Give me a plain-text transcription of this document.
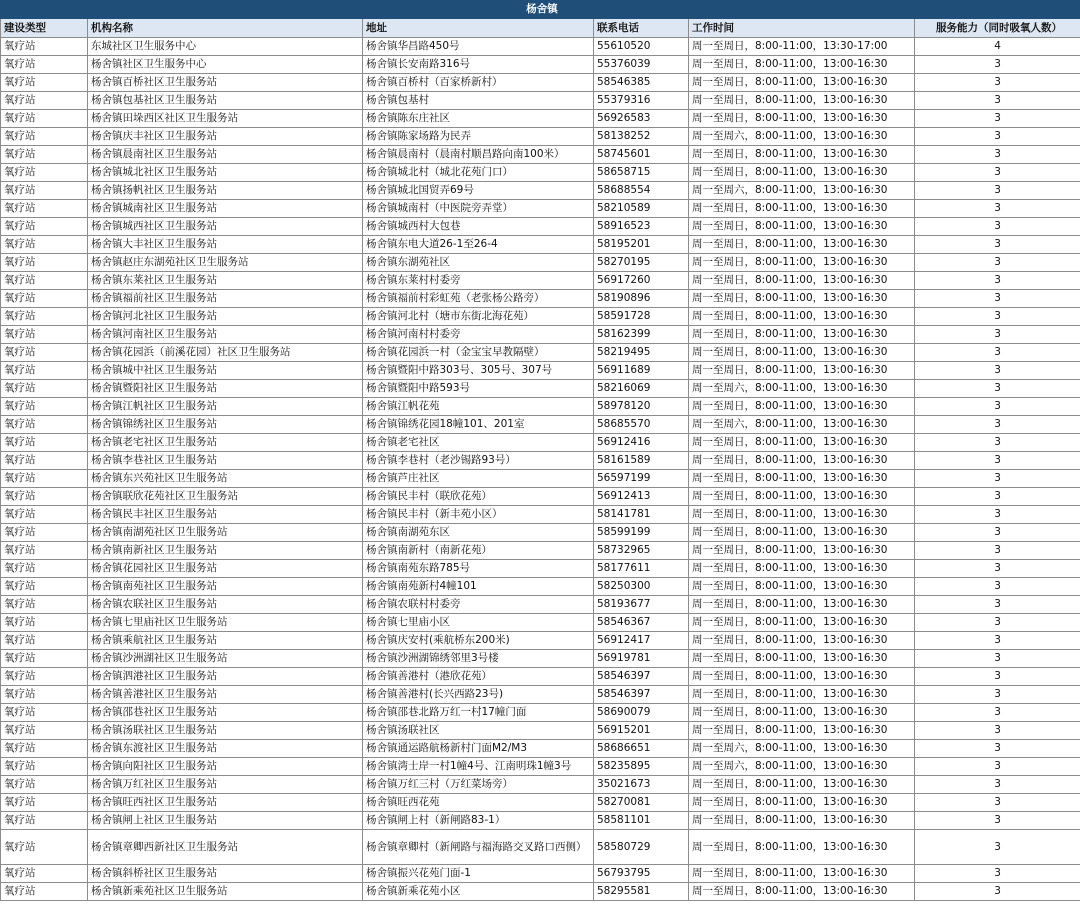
杨舍镇					
建设类型	机构名称	地址	联系电话	工作时间	服务能力（同时吸氧人数）
氧疗站	东城社区卫生服务中心	杨舍镇华昌路450号	55610520	周一至周日，8:00-11:00，13:30-17:00	4
氧疗站	杨舍镇社区卫生服务中心	杨舍镇长安南路316号	55376039	周一至周日，8:00-11:00，13:00-16:30	3
氧疗站	杨舍镇百桥社区卫生服务站	杨舍镇百桥村（百家桥新村）	58546385	周一至周日，8:00-11:00，13:00-16:30	3
氧疗站	杨舍镇包基社区卫生服务站	杨舍镇包基村	55379316	周一至周日，8:00-11:00，13:00-16:30	3
氧疗站	杨舍镇田垛西区社区卫生服务站	杨舍镇陈东庄社区	56926583	周一至周日，8:00-11:00，13:00-16:30	3
氧疗站	杨舍镇庆丰社区卫生服务站	杨舍镇陈家场路为民弄	58138252	周一至周六，8:00-11:00，13:00-16:30	3
氧疗站	杨舍镇晨南社区卫生服务站	杨舍镇晨南村（晨南村顺昌路向南100米）	58745601	周一至周日，8:00-11:00，13:00-16:30	3
氧疗站	杨舍镇城北社区卫生服务站	杨舍镇城北村（城北花苑门口）	58658715	周一至周日，8:00-11:00，13:00-16:30	3
氧疗站	杨舍镇扬帆社区卫生服务站	杨舍镇城北国贸弄69号	58688554	周一至周六，8:00-11:00，13:00-16:30	3
氧疗站	杨舍镇城南社区卫生服务站	杨舍镇城南村（中医院旁弄堂）	58210589	周一至周日，8:00-11:00，13:00-16:30	3
氧疗站	杨舍镇城西社区卫生服务站	杨舍镇城西村大包巷	58916523	周一至周日，8:00-11:00，13:00-16:30	3
氧疗站	杨舍镇大丰社区卫生服务站	杨舍镇东电大道26-1至26-4	58195201	周一至周日，8:00-11:00，13:00-16:30	3
氧疗站	杨舍镇赵庄东湖苑社区卫生服务站	杨舍镇东湖苑社区	58270195	周一至周日，8:00-11:00，13:00-16:30	3
氧疗站	杨舍镇东莱社区卫生服务站	杨舍镇东莱村村委旁	56917260	周一至周日，8:00-11:00，13:00-16:30	3
氧疗站	杨舍镇福前社区卫生服务站	杨舍镇福前村彩虹苑（老张杨公路旁）	58190896	周一至周日，8:00-11:00，13:00-16:30	3
氧疗站	杨舍镇河北社区卫生服务站	杨舍镇河北村（塘市东街北海花苑）	58591728	周一至周日，8:00-11:00，13:00-16:30	3
氧疗站	杨舍镇河南社区卫生服务站	杨舍镇河南村村委旁	58162399	周一至周日，8:00-11:00，13:00-16:30	3
氧疗站	杨舍镇花园浜（前溪花园）社区卫生服务站	杨舍镇花园浜一村（金宝宝早教隔壁）	58219495	周一至周日，8:00-11:00，13:00-16:30	3
氧疗站	杨舍镇城中社区卫生服务站	杨舍镇暨阳中路303号、305号、307号	56911689	周一至周日，8:00-11:00，13:00-16:30	3
氧疗站	杨舍镇暨阳社区卫生服务站	杨舍镇暨阳中路593号	58216069	周一至周六，8:00-11:00，13:00-16:30	3
氧疗站	杨舍镇江帆社区卫生服务站	杨舍镇江帆花苑	58978120	周一至周日，8:00-11:00，13:00-16:30	3
氧疗站	杨舍镇锦绣社区卫生服务站	杨舍镇锦绣花园18幢101、201室	58685570	周一至周六，8:00-11:00，13:00-16:30	3
氧疗站	杨舍镇老宅社区卫生服务站	杨舍镇老宅社区	56912416	周一至周日，8:00-11:00，13:00-16:30	3
氧疗站	杨舍镇李巷社区卫生服务站	杨舍镇李巷村（老沙锡路93号）	58161589	周一至周日，8:00-11:00，13:00-16:30	3
氧疗站	杨舍镇东兴苑社区卫生服务站	杨舍镇芦庄社区	56597199	周一至周日，8:00-11:00，13:00-16:30	3
氧疗站	杨舍镇联欣花苑社区卫生服务站	杨舍镇民丰村（联欣花苑）	56912413	周一至周日，8:00-11:00，13:00-16:30	3
氧疗站	杨舍镇民丰社区卫生服务站	杨舍镇民丰村（新丰苑小区）	58141781	周一至周日，8:00-11:00，13:00-16:30	3
氧疗站	杨舍镇南湖苑社区卫生服务站	杨舍镇南湖苑东区	58599199	周一至周日，8:00-11:00，13:00-16:30	3
氧疗站	杨舍镇南新社区卫生服务站	杨舍镇南新村（南新花苑）	58732965	周一至周日，8:00-11:00，13:00-16:30	3
氧疗站	杨舍镇花园社区卫生服务站	杨舍镇南苑东路785号	58177611	周一至周日，8:00-11:00，13:00-16:30	3
氧疗站	杨舍镇南苑社区卫生服务站	杨舍镇南苑新村4幢101	58250300	周一至周日，8:00-11:00，13:00-16:30	3
氧疗站	杨舍镇农联社区卫生服务站	杨舍镇农联村村委旁	58193677	周一至周日，8:00-11:00，13:00-16:30	3
氧疗站	杨舍镇七里庙社区卫生服务站	杨舍镇七里庙小区	58546367	周一至周日，8:00-11:00，13:00-16:30	3
氧疗站	杨舍镇乘航社区卫生服务站	杨舍镇庆安村(乘航桥东200米)	56912417	周一至周日，8:00-11:00，13:00-16:30	3
氧疗站	杨舍镇沙洲湖社区卫生服务站	杨舍镇沙洲湖锦绣邻里3号楼	56919781	周一至周日，8:00-11:00，13:00-16:30	3
氧疗站	杨舍镇泗港社区卫生服务站	杨舍镇善港村（港欣花苑）	58546397	周一至周日，8:00-11:00，13:00-16:30	3
氧疗站	杨舍镇善港社区卫生服务站	杨舍镇善港村(长兴西路23号)	58546397	周一至周日，8:00-11:00，13:00-16:30	3
氧疗站	杨舍镇邵巷社区卫生服务站	杨舍镇邵巷北路万红一村17幢门面	58690079	周一至周日，8:00-11:00，13:00-16:30	3
氧疗站	杨舍镇汤联社区卫生服务站	杨舍镇汤联社区	56915201	周一至周日，8:00-11:00，13:00-16:30	3
氧疗站	杨舍镇东渡社区卫生服务站	杨舍镇通运路航杨新村门面M2/M3	58686651	周一至周六，8:00-11:00，13:00-16:30	3
氧疗站	杨舍镇向阳社区卫生服务站	杨舍镇湾士岸一村1幢4号、江南明珠1幢3号	58235895	周一至周六，8:00-11:00，13:00-16:30	3
氧疗站	杨舍镇万红社区卫生服务站	杨舍镇万红三村（万红菜场旁）	35021673	周一至周日，8:00-11:00，13:00-16:30	3
氧疗站	杨舍镇旺西社区卫生服务站	杨舍镇旺西花苑	58270081	周一至周日，8:00-11:00，13:00-16:30	3
氧疗站	杨舍镇闸上社区卫生服务站	杨舍镇闸上村（新闸路83-1）	58581101	周一至周日，8:00-11:00，13:00-16:30	3
氧疗站	杨舍镇章卿西新社区卫生服务站	杨舍镇章卿村（新闸路与福海路交叉路口西侧）	58580729	周一至周日，8:00-11:00，13:00-16:30	3
氧疗站	杨舍镇斜桥社区卫生服务站	杨舍镇振兴花苑门面-1	56793795	周一至周日，8:00-11:00，13:00-16:30	3
氧疗站	杨舍镇新乘苑社区卫生服务站	杨舍镇新乘花苑小区	58295581	周一至周日，8:00-11:00，13:00-16:30	3
